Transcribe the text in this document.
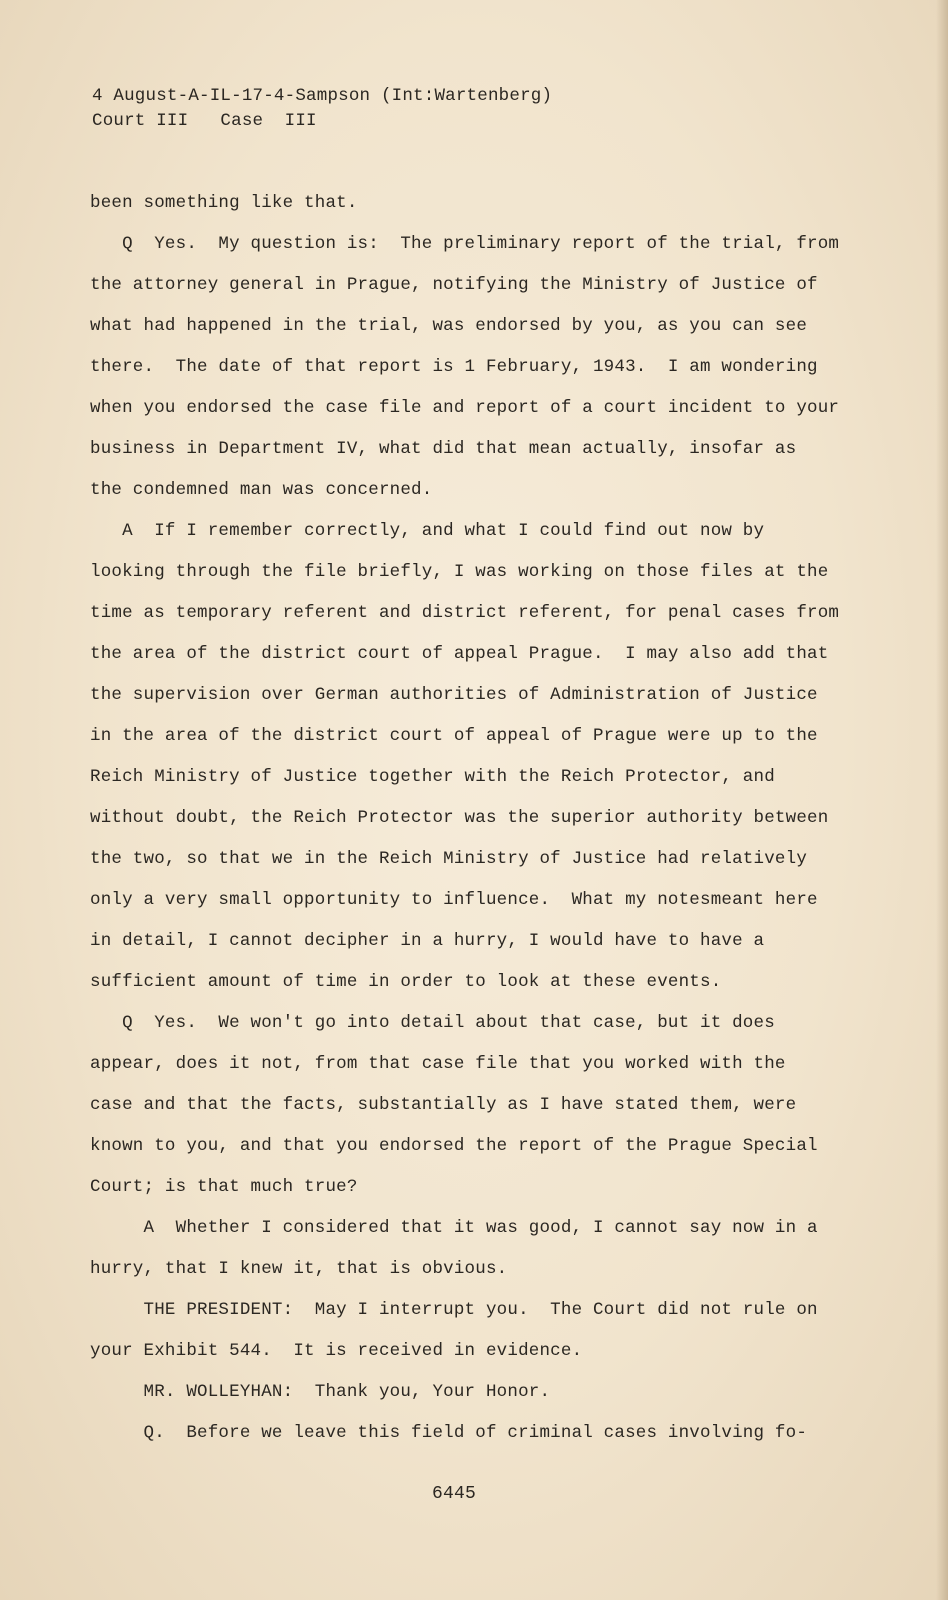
4 August-A-IL-17-4-Sampson (Int:Wartenberg)
Court III   Case  III
been something like that.
Q  Yes.  My question is:  The preliminary report of the trial, from
the attorney general in Prague, notifying the Ministry of Justice of
what had happened in the trial, was endorsed by you, as you can see
there.  The date of that report is 1 February, 1943.  I am wondering
when you endorsed the case file and report of a court incident to your
business in Department IV, what did that mean actually, insofar as
the condemned man was concerned.
A  If I remember correctly, and what I could find out now by
looking through the file briefly, I was working on those files at the
time as temporary referent and district referent, for penal cases from
the area of the district court of appeal Prague.  I may also add that
the supervision over German authorities of Administration of Justice
in the area of the district court of appeal of Prague were up to the
Reich Ministry of Justice together with the Reich Protector, and
without doubt, the Reich Protector was the superior authority between
the two, so that we in the Reich Ministry of Justice had relatively
only a very small opportunity to influence.  What my notesmeant here
in detail, I cannot decipher in a hurry, I would have to have a
sufficient amount of time in order to look at these events.
Q  Yes.  We won't go into detail about that case, but it does
appear, does it not, from that case file that you worked with the
case and that the facts, substantially as I have stated them, were
known to you, and that you endorsed the report of the Prague Special
Court; is that much true?
A  Whether I considered that it was good, I cannot say now in a
hurry, that I knew it, that is obvious.
THE PRESIDENT:  May I interrupt you.  The Court did not rule on
your Exhibit 544.  It is received in evidence.
MR. WOLLEYHAN:  Thank you, Your Honor.
Q.  Before we leave this field of criminal cases involving fo-
6445
